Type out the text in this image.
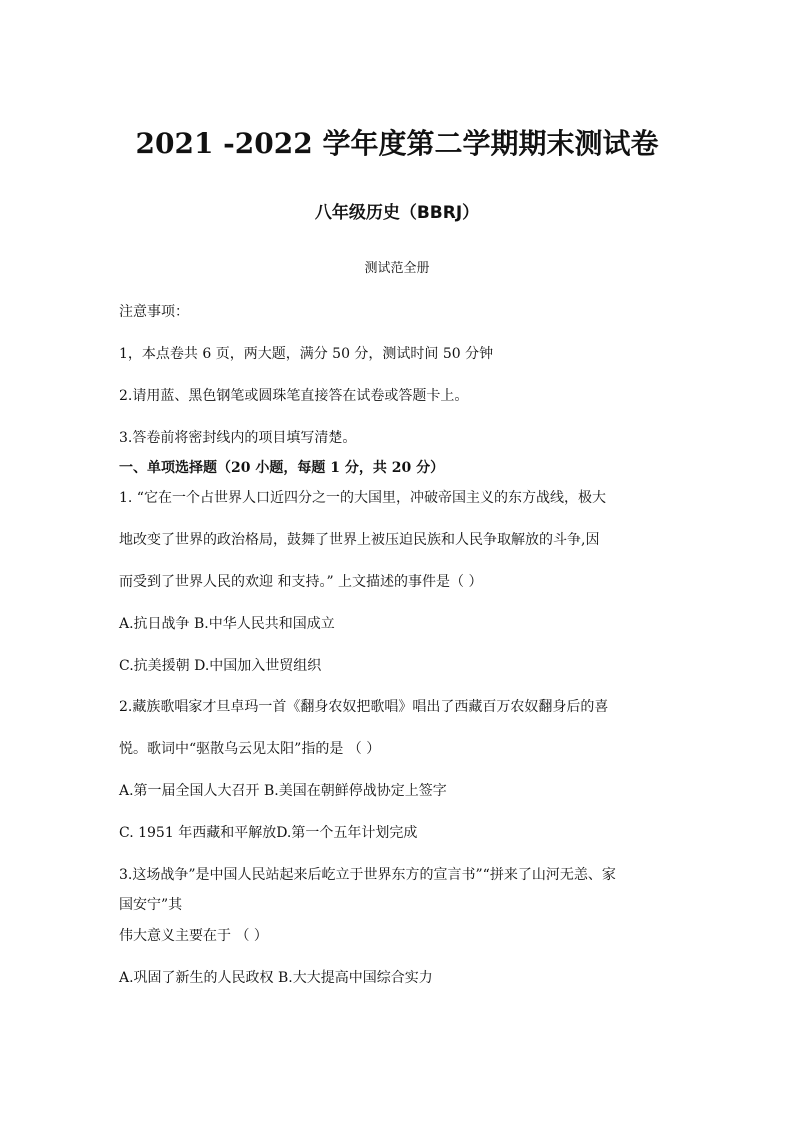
2021 -2022 学年度第二学期期末测试卷
八年级历史（BBRJ）
测试范全册
注意事项：
1，本点卷共 6 页，两大题，满分 50 分，测试时间 50 分钟
2.请用蓝、黑色钢笔或圆珠笔直接答在试卷或答题卡上。
3.答卷前将密封线内的项目填写清楚。
一、单项选择题（20 小题，每题 1 分，共 20 分）
1. “它在一个占世界人口近四分之一的大国里，冲破帝国主义的东方战线，极大
地改变了世界的政治格局，鼓舞了世界上被压迫民族和人民争取解放的斗争,因
而受到了世界人民的欢迎 和支持。” 上文描述的事件是（ ）
A.抗日战争 B.中华人民共和国成立
C.抗美援朝 D.中国加入世贸组织
2.藏族歌唱家才旦卓玛一首《翻身农奴把歌唱》唱出了西藏百万农奴翻身后的喜
悦。歌词中“驱散乌云见太阳”指的是 （ ）
A.第一届全国人大召开 B.美国在朝鲜停战协定上签字
C. 1951 年西藏和平解放D.第一个五年计划完成
3.这场战争”是中国人民站起来后屹立于世界东方的宣言书”“拼来了山河无恙、家
国安宁”其
伟大意义主要在于 （ ）
A.巩固了新生的人民政权 B.大大提高中国综合实力
